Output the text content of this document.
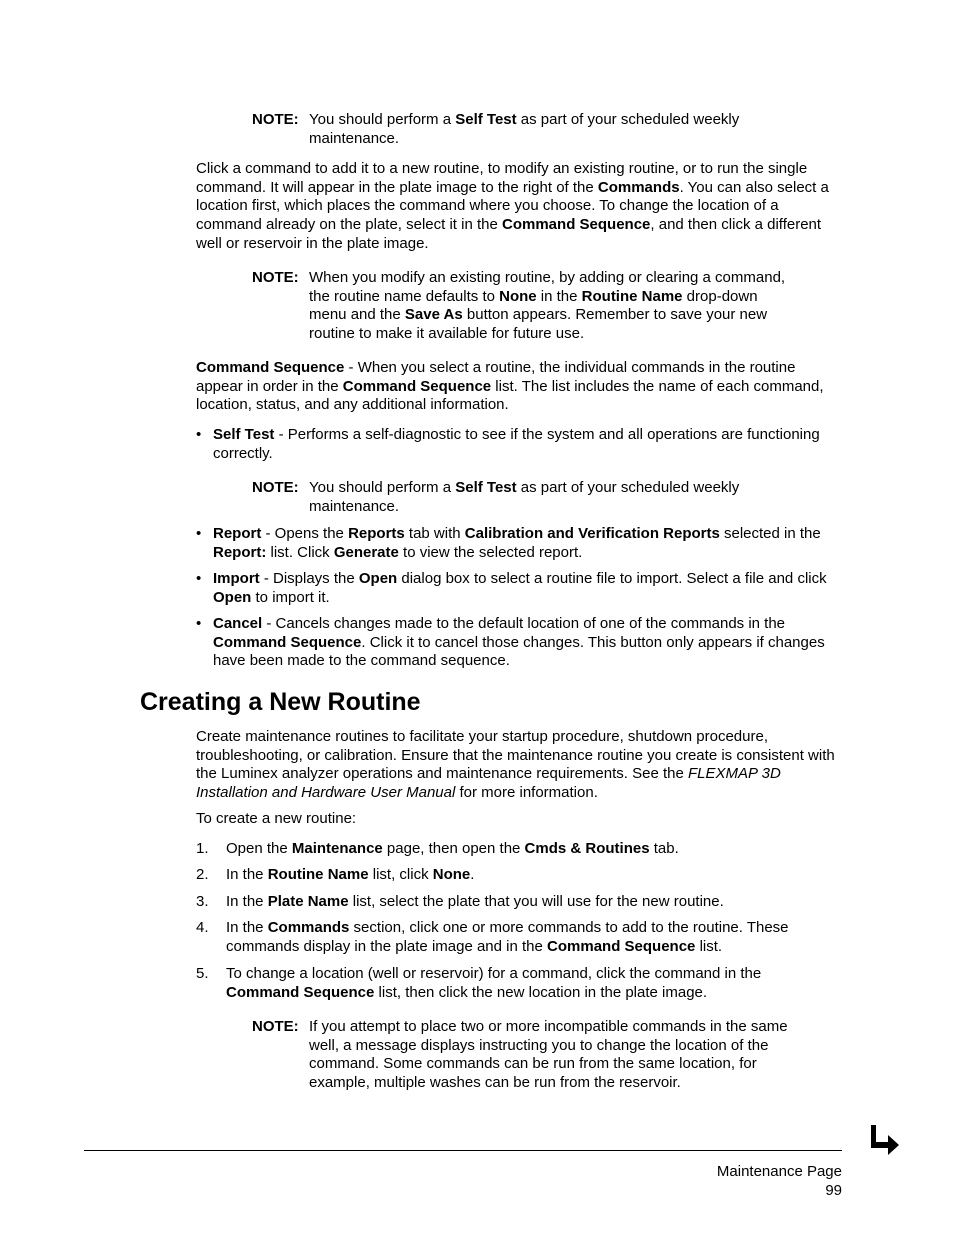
NOTE: You should perform a Self Test as part of your scheduled weekly maintenance.
Click a command to add it to a new routine, to modify an existing routine, or to run the single command. It will appear in the plate image to the right of the Commands. You can also select a location first, which places the command where you choose. To change the location of a command already on the plate, select it in the Command Sequence, and then click a different well or reservoir in the plate image.
NOTE: When you modify an existing routine, by adding or clearing a command, the routine name defaults to None in the Routine Name drop-down menu and the Save As button appears. Remember to save your new routine to make it available for future use.
Command Sequence - When you select a routine, the individual commands in the routine appear in order in the Command Sequence list. The list includes the name of each command, location, status, and any additional information.
• Self Test - Performs a self-diagnostic to see if the system and all operations are functioning correctly.
NOTE: You should perform a Self Test as part of your scheduled weekly maintenance.
• Report - Opens the Reports tab with Calibration and Verification Reports selected in the Report: list. Click Generate to view the selected report.
• Import - Displays the Open dialog box to select a routine file to import. Select a file and click Open to import it.
• Cancel - Cancels changes made to the default location of one of the commands in the Command Sequence. Click it to cancel those changes. This button only appears if changes have been made to the command sequence.
Creating a New Routine
Create maintenance routines to facilitate your startup procedure, shutdown procedure, troubleshooting, or calibration. Ensure that the maintenance routine you create is consistent with the Luminex analyzer operations and maintenance requirements. See the FLEXMAP 3D Installation and Hardware User Manual for more information.
To create a new routine:
1. Open the Maintenance page, then open the Cmds & Routines tab.
2. In the Routine Name list, click None.
3. In the Plate Name list, select the plate that you will use for the new routine.
4. In the Commands section, click one or more commands to add to the routine. These commands display in the plate image and in the Command Sequence list.
5. To change a location (well or reservoir) for a command, click the command in the Command Sequence list, then click the new location in the plate image.
NOTE: If you attempt to place two or more incompatible commands in the same well, a message displays instructing you to change the location of the command. Some commands can be run from the same location, for example, multiple washes can be run from the reservoir.
Maintenance Page
99
